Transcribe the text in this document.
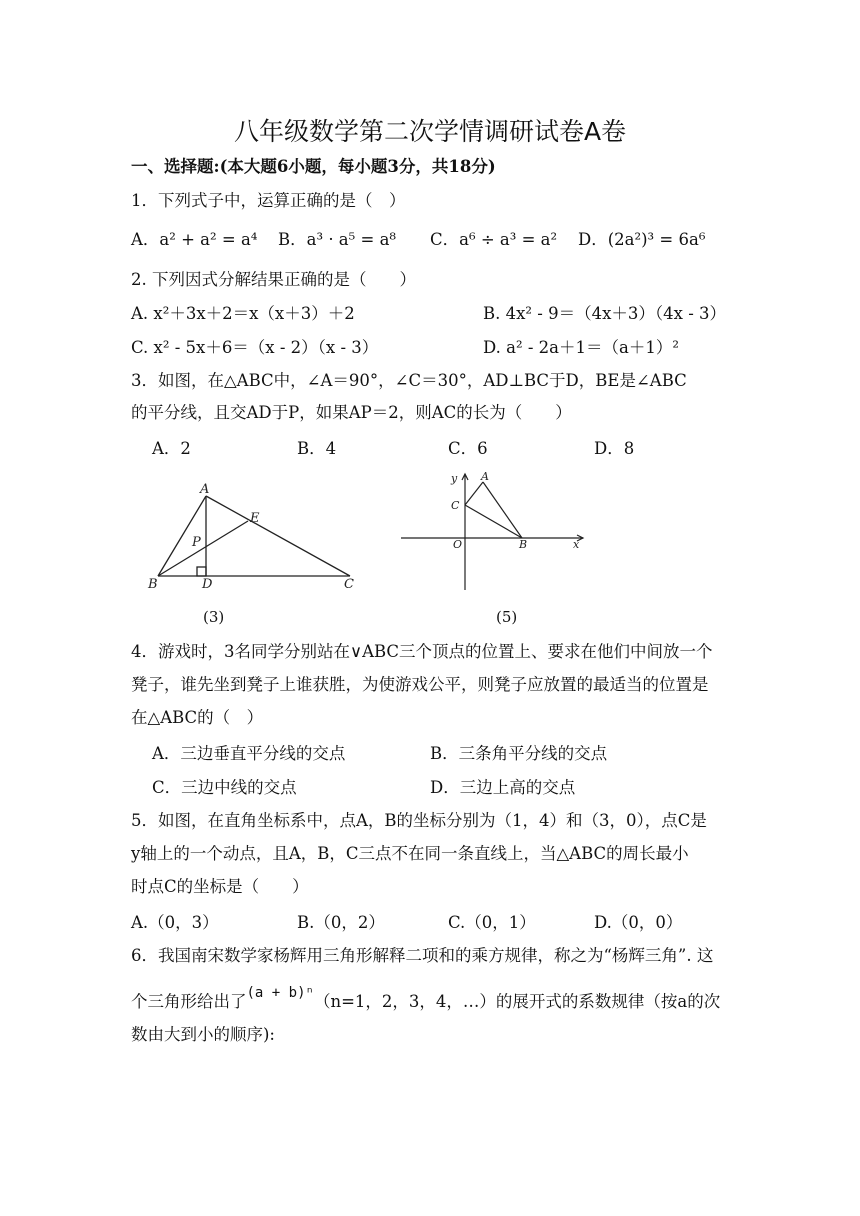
八年级数学第二次学情调研试卷A卷
一、选择题:(本大题6小题，每小题3分，共18分)
1．下列式子中，运算正确的是（　）
A．a² + a² = a⁴ B．a³ · a⁵ = a⁸ C．a⁶ ÷ a³ = a² D．(2a²)³ = 6a⁶
2. 下列因式分解结果正确的是（　　）
A. x²＋3x＋2＝x（x＋3）＋2	B. 4x² - 9＝（4x＋3）（4x - 3）
C. x² - 5x＋6＝（x - 2）（x - 3）	D. a² - 2a＋1＝（a＋1）²
3．如图，在△ABC中，∠A＝90°，∠C＝30°，AD⊥BC于D，BE是∠ABC
的平分线，且交AD于P，如果AP＝2，则AC的长为（　　）
A．2	B．4	C．6	D．8
A
E
P
B	D	C
(3)
y A
C
O	B	x
(5)
4．游戏时，3名同学分别站在∨ABC三个顶点的位置上、要求在他们中间放一个
凳子，谁先坐到凳子上谁获胜，为使游戏公平，则凳子应放置的最适当的位置是
在△ABC的（　）
A．三边垂直平分线的交点	B．三条角平分线的交点
C．三边中线的交点	D．三边上高的交点
5．如图，在直角坐标系中，点A，B的坐标分别为（1，4）和（3，0），点C是
y轴上的一个动点，且A，B，C三点不在同一条直线上，当△ABC的周长最小
时点C的坐标是（　　）
A.（0，3）	B.（0，2）	C.（0，1）	D.（0，0）
6．我国南宋数学家杨辉用三角形解释二项和的乘方规律，称之为“杨辉三角”. 这
个三角形给出了$^{(a + b)^n}$（n=1，2，3，4，…）的展开式的系数规律（按a的次
数由大到小的顺序):
